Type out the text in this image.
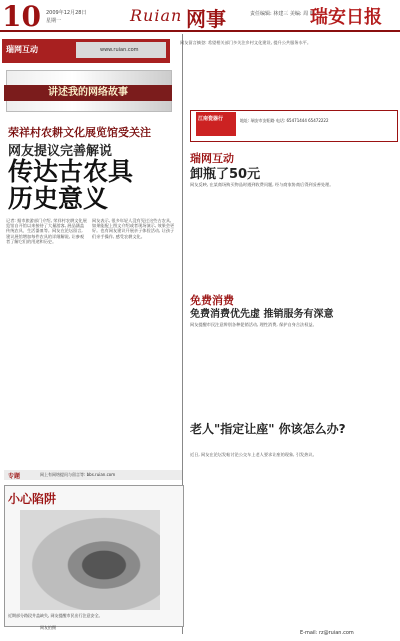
10 2009年12月28日
星期一	Ruian 网事	责任编辑: 林建三 美编: 周 明
瑞安日报
瑞网互动	www.ruian.com
讲述我的网络故事
荣祥村农耕文化展览馆受关注
网友提议完善解说
传达古农具
历史意义
记者: 据市旅游部门介绍, 荣祥村农耕文化展览馆自开馆以来接待了大量游客, 展品涵盖传统农具、生活器皿等。网友在论坛留言, 建议展馆增加每件农具的详细解说, 让参观者了解它们的用途和历史。
网友表示, 很多年轻人没有见过这些古农具, 如果能配上图文介绍或者现场演示, 效果会更好。也有网友建议开展亲子体验活动, 让孩子们亲手操作, 感受农耕文化。
网友留言摘登: 希望相关部门多关注乡村文化建设, 提升公共服务水平。
江南瓷器行	地址: 瑞安市安阳路 电话: 65471444 65472222
瑞网互动
卸瓶了50元
网友反映, 在某商场购买物品时遇到收费问题, 经与商家协商后得到妥善处理。
免费消费
免费消费优先虚 推销服务有深意
网友提醒市民注意辨别各种促销活动, 理性消费, 保护自身合法权益。
老人"指定让座" 你该怎么办?
近日, 网友在论坛发帖讨论公交车上老人要求让座的现象, 引发热议。
专题	网上有网络提问与留言等: bbs.ruian.com
小心陷阱
近期部分路段井盖缺失, 网友提醒市民出行注意安全。
网友拍摄
E-mail: rz@ruian.com
